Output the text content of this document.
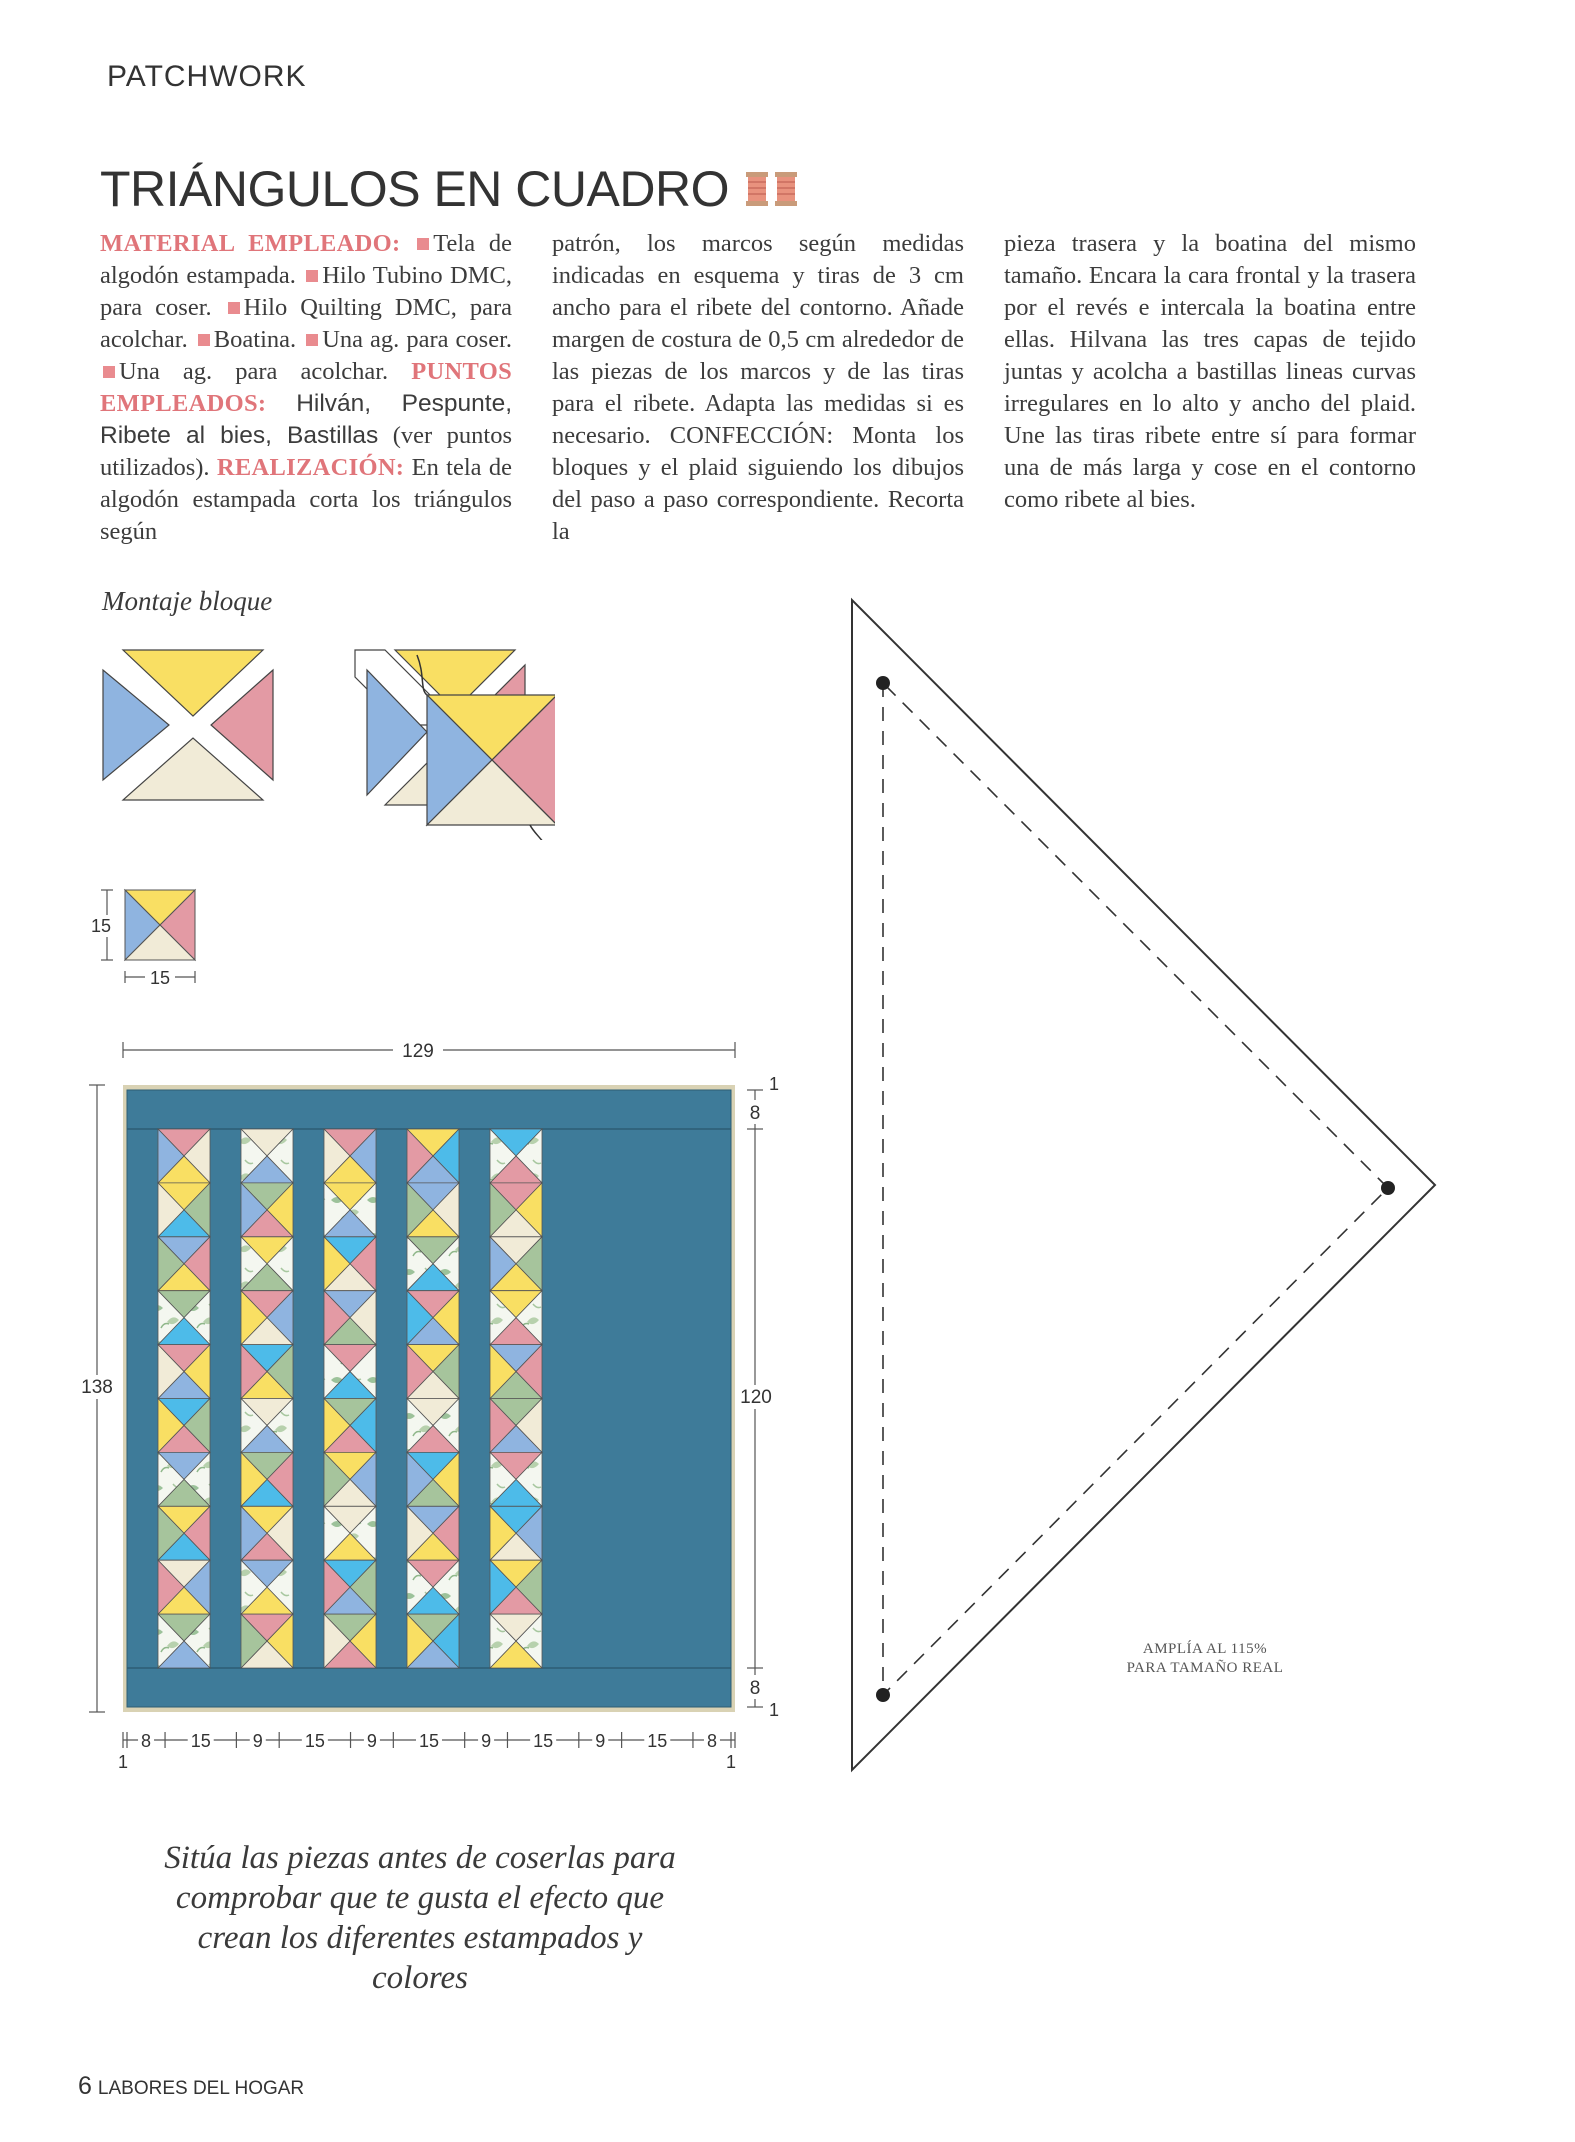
PATCHWORK
TRIÁNGULOS EN CUADRO

MATERIAL EMPLEADO: Tela de algodón estampada. Hilo Tubino DMC, para coser. Hilo Quilting DMC, para acolchar. Boatina. Una ag. para coser. Una ag. para acolchar. PUNTOS EMPLEADOS: Hilván, Pespunte, Ribete al bies, Bastillas (ver puntos utilizados). REALIZACIÓN: En tela de algodón estampada corta los triángulos según

patrón, los marcos según medidas indicadas en esquema y tiras de 3 cm ancho para el ribete del contorno. Añade margen de costura de 0,5 cm alrededor de las piezas de los marcos y de las tiras para el ribete. Adapta las medidas si es necesario. CONFECCIÓN: Monta los bloques y el plaid siguiendo los dibujos del paso a paso correspondiente. Recorta la

pieza trasera y la boatina del mismo tamaño. Encara la cara frontal y la trasera por el revés e intercala la boatina entre ellas. Hilvana las tres capas de tejido juntas y acolcha a bastillas lineas curvas irregulares en lo alto y ancho del plaid. Une las tiras ribete entre sí para formar una de más larga y cose en el contorno como ribete al bies.
Montaje bloque
15
15
129
138
1
8
120
8
1
8 15 9 15 9 15 9 15 9 15 8
1	1
AMPLÍA AL 115%
PARA TAMAÑO REAL
Sitúa las piezas antes de coserlas para comprobar que te gusta el efecto que crean los diferentes estampados y colores
6 LABORES DEL HOGAR
